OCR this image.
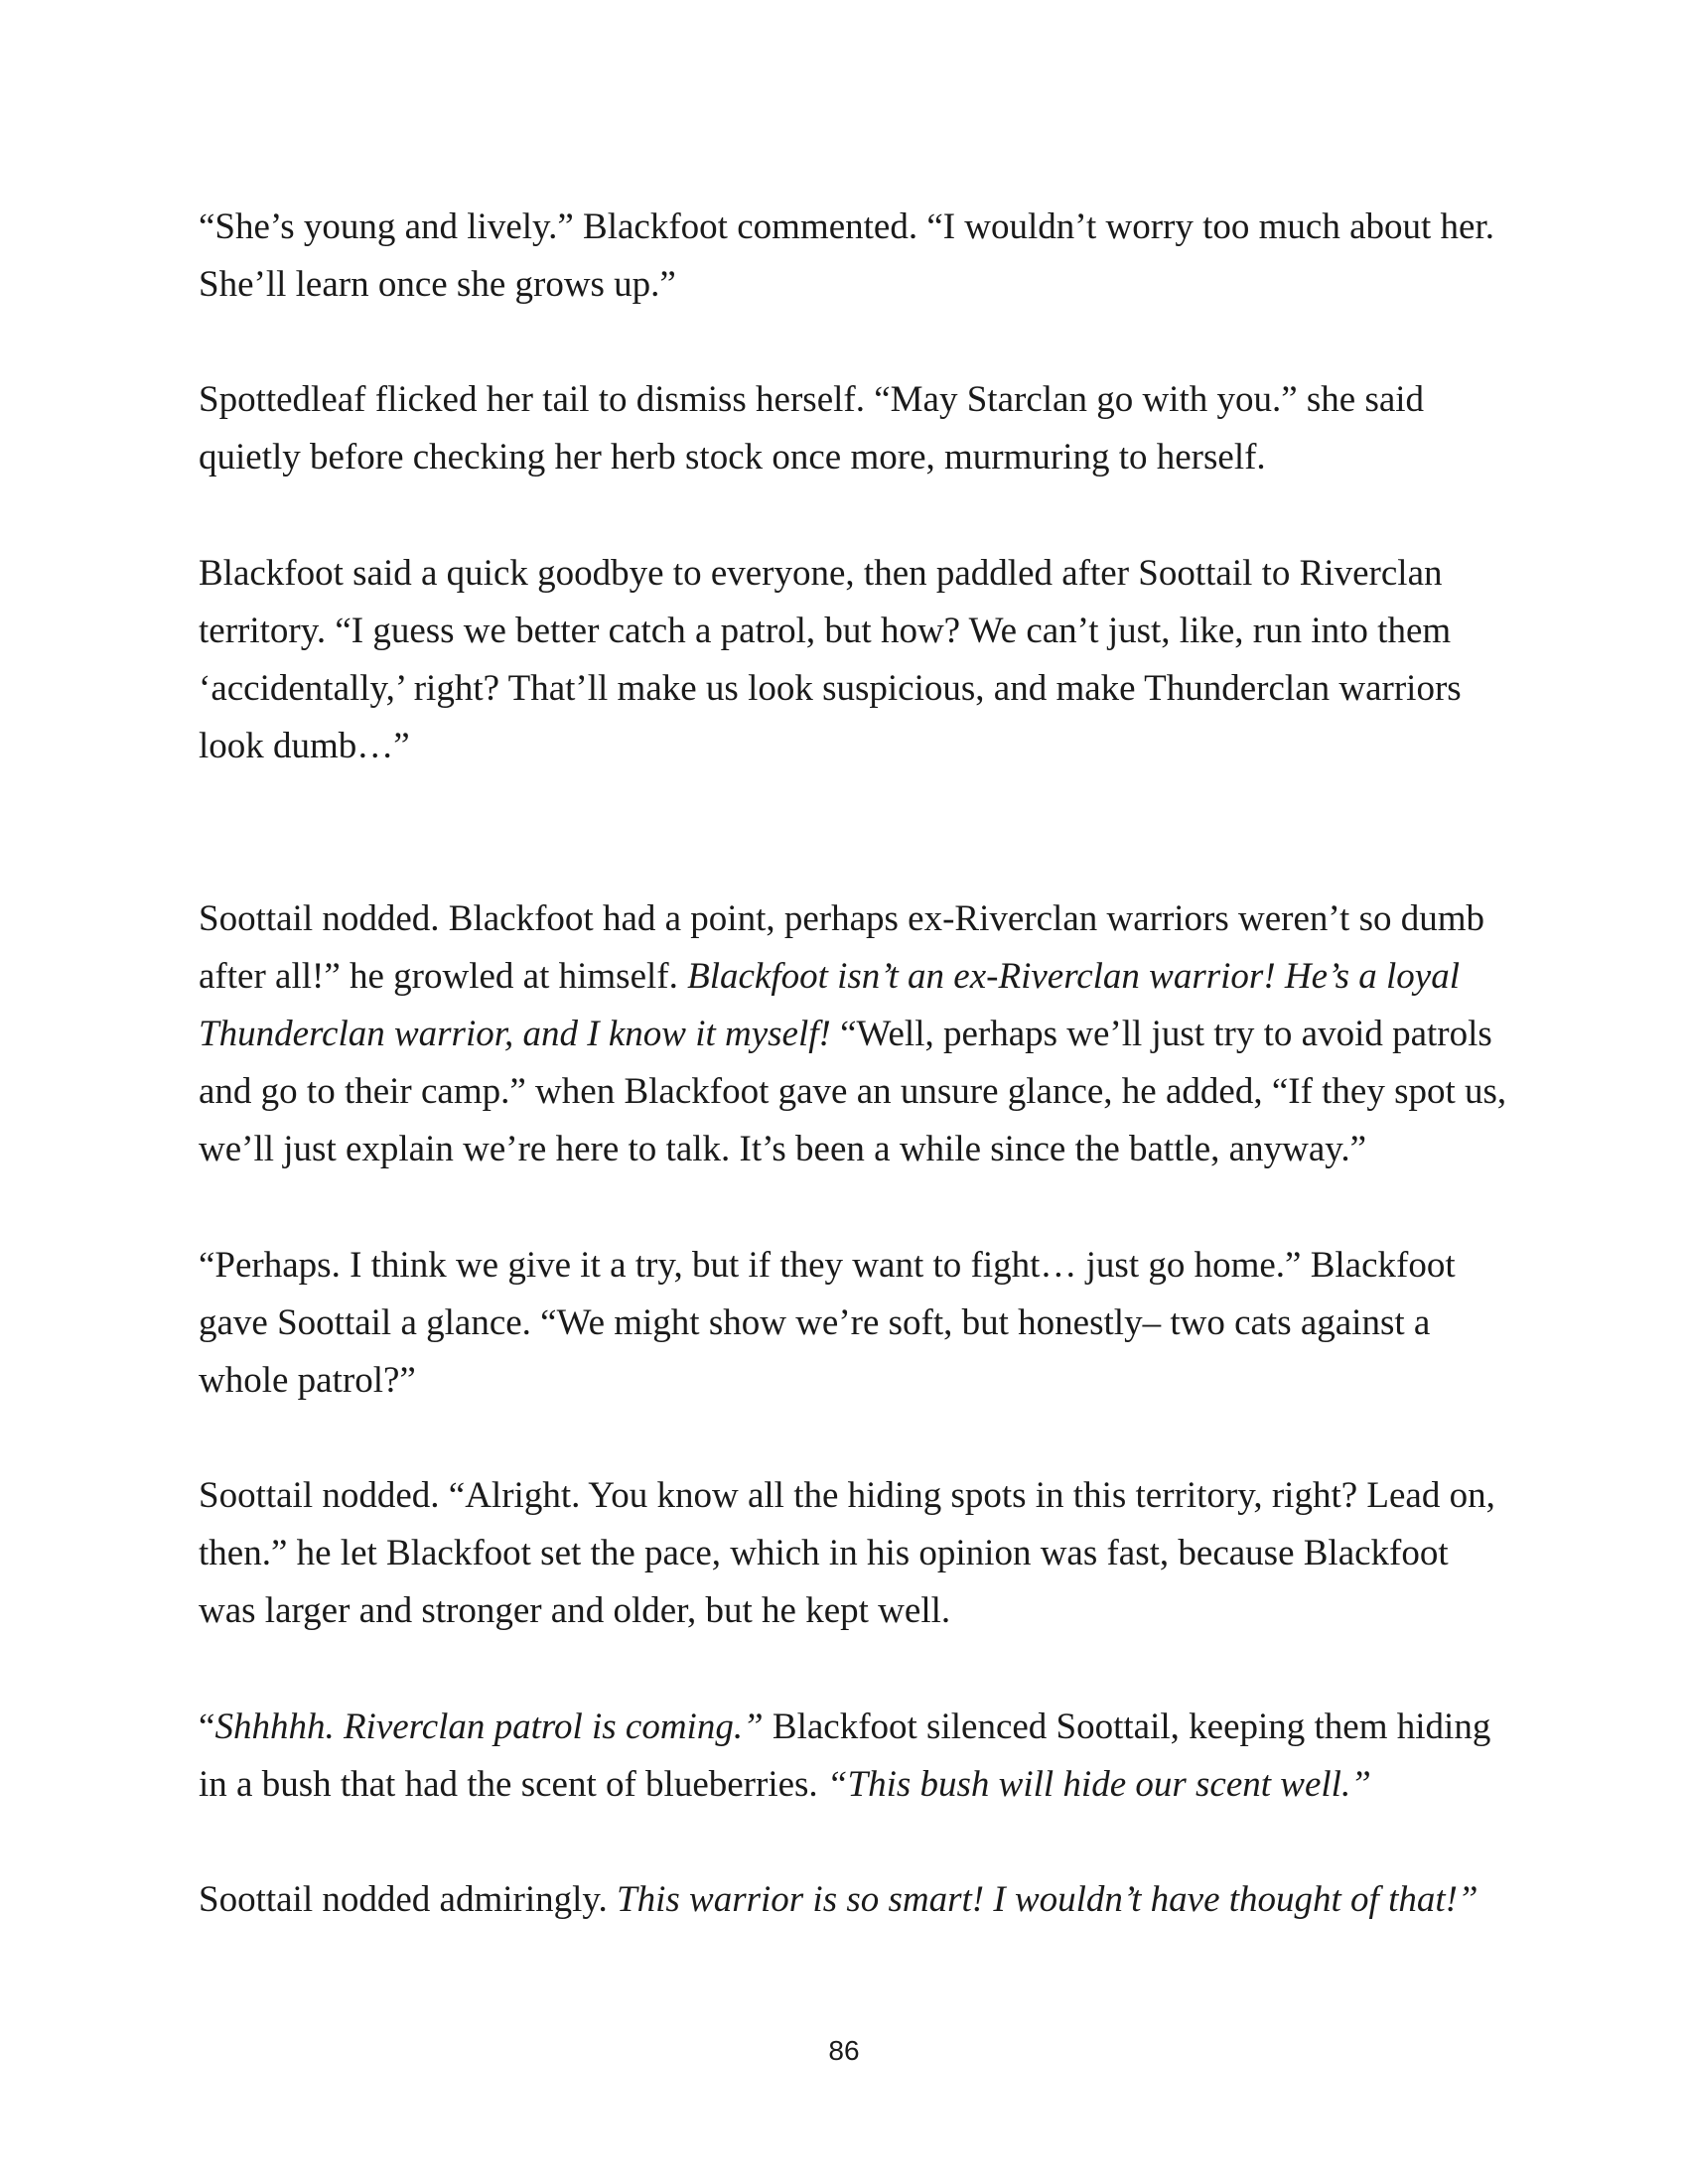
“She’s young and lively.” Blackfoot commented. “I wouldn’t worry too much about her. She’ll learn once she grows up.”

Spottedleaf flicked her tail to dismiss herself. “May Starclan go with you.” she said quietly before checking her herb stock once more, murmuring to herself.

Blackfoot said a quick goodbye to everyone, then paddled after Soottail to Riverclan territory. “I guess we better catch a patrol, but how? We can’t just, like, run into them ‘accidentally,’ right? That’ll make us look suspicious, and make Thunderclan warriors look dumb…”

Soottail nodded. Blackfoot had a point, perhaps ex-Riverclan warriors weren’t so dumb after all!” he growled at himself. Blackfoot isn’t an ex-Riverclan warrior! He’s a loyal Thunderclan warrior, and I know it myself! “Well, perhaps we’ll just try to avoid patrols and go to their camp.” when Blackfoot gave an unsure glance, he added, “If they spot us, we’ll just explain we’re here to talk. It’s been a while since the battle, anyway.”

“Perhaps. I think we give it a try, but if they want to fight… just go home.” Blackfoot gave Soottail a glance. “We might show we’re soft, but honestly– two cats against a whole patrol?”

Soottail nodded. “Alright. You know all the hiding spots in this territory, right? Lead on, then.” he let Blackfoot set the pace, which in his opinion was fast, because Blackfoot was larger and stronger and older, but he kept well.

“Shhhhh. Riverclan patrol is coming.” Blackfoot silenced Soottail, keeping them hiding in a bush that had the scent of blueberries. “This bush will hide our scent well.”

Soottail nodded admiringly. This warrior is so smart! I wouldn’t have thought of that!”

86
